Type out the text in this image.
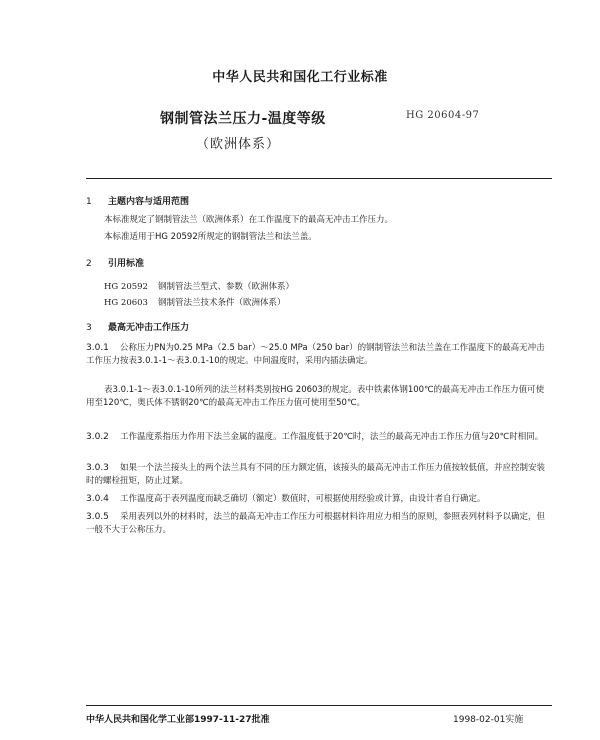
中华人民共和国化工行业标准
钢制管法兰压力-温度等级	HG 20604-97
（欧洲体系）
1 主题内容与适用范围
本标准规定了钢制管法兰（欧洲体系）在工作温度下的最高无冲击工作压力。
本标准适用于HG 20592所规定的钢制管法兰和法兰盖。
2 引用标准
HG 20592 钢制管法兰型式、参数（欧洲体系）
HG 20603 钢制管法兰技术条件（欧洲体系）
3 最高无冲击工作压力
3.0.1	公称压力PN为0.25 MPa（2.5 bar）～25.0 MPa（250 bar）的钢制管法兰和法兰盖在工作温度下的最高无冲击工作压力按表3.0.1-1～表3.0.1-10的规定。中间温度时，采用内插法确定。
表3.0.1-1～表3.0.1-10所列的法兰材料类别按HG 20603的规定。表中铁素体钢100℃的最高无冲击工作压力值可使用至120℃，奥氏体不锈钢20℃的最高无冲击工作压力值可使用至50℃。
3.0.2	工作温度系指压力作用下法兰金属的温度。工作温度低于20℃时，法兰的最高无冲击工作压力值与20℃时相同。
3.0.3	如果一个法兰接头上的两个法兰具有不同的压力额定值，该接头的最高无冲击工作压力值按较低值，并应控制安装时的螺栓扭矩，防止过紧。
3.0.4	工作温度高于表列温度而缺乏确切（额定）数值时，可根据使用经验或计算，由设计者自行确定。
3.0.5	采用表列以外的材料时，法兰的最高无冲击工作压力可根据材料许用应力相当的原则，参照表列材料予以确定，但一般不大于公称压力。
中华人民共和国化学工业部1997-11-27批准	1998-02-01实施
